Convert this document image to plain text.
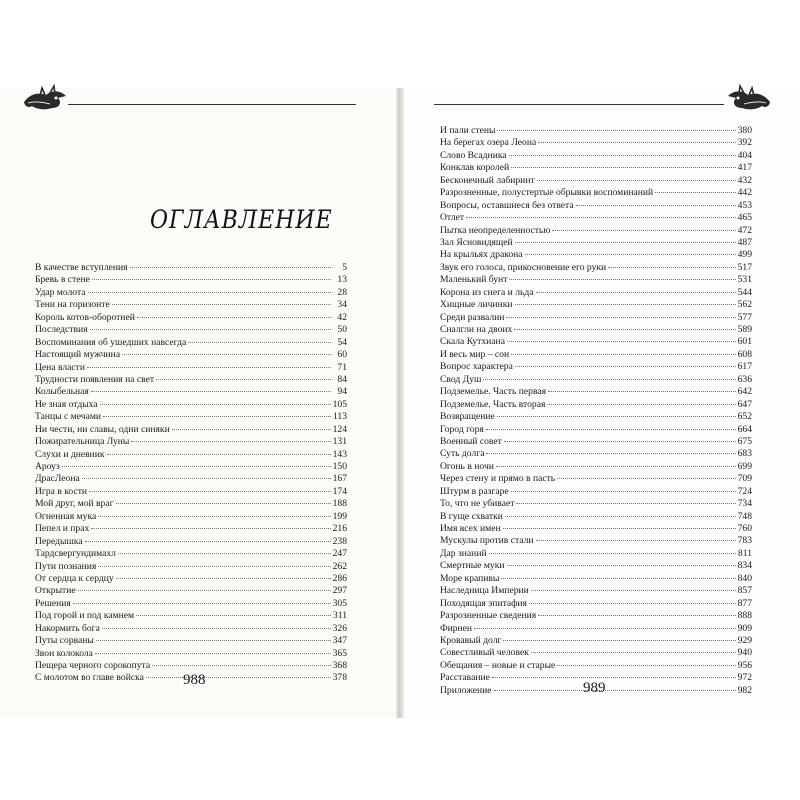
ОГЛАВЛЕНИЕ
В качестве вступления	5
Бревь в стене	13
Удар молота	28
Тени на горизонте	34
Король котов-оборотней	42
Последствия	50
Воспоминания об ушедших навсегда	54
Настоящий мужчина	60
Цена власти	71
Трудности появления на свет	84
Колыбельная	94
Не зная отдыха	105
Танцы с мечами	113
Ни чести, ни славы, одни синяки	124
Пожирательница Луны	131
Слухи и дневник	143
Ароуз	150
ДрасЛеона	167
Игра в кости	174
Мой друг, мой враг	188
Огненная мука	199
Пепел и прах	216
Передышка	238
Тардсвергундимахл	247
Пути познания	262
От сердца к сердцу	286
Открытие	297
Решения	305
Под горой и под камнем	311
Накормить бога	326
Путы сорваны	347
Звон колокола	365
Пещера черного сорокопута	368
С молотом во главе войска	378
И пали стены	380
На берегах озера Леона	392
Слово Всадника	404
Конклав королей	417
Бесконечный лабиринт	432
Разрозненные, полустертые обрывки воспоминаний	442
Вопросы, оставшиеся без ответа	453
Отлет	465
Пытка неопределенностью	472
Зал Ясновидящей	487
На крыльях дракона	499
Звук его голоса, прикосновение его руки	517
Маленький бунт	531
Корона из снега и льда	544
Хищные личинки	562
Среди развалин	577
Сналгли на двоих	589
Скала Кутхиана	601
И весь мир – сон	608
Вопрос характера	617
Свод Душ	636
Подземелье. Часть первая	642
Подземелье. Часть вторая	647
Возвращение	652
Город горя	664
Военный совет	675
Суть долга	683
Огонь в ночи	699
Через стену и прямо в пасть	709
Штурм в разгаре	724
То, что не убивает	734
В гуще схватки	748
Имя всех имен	760
Мускулы против стали	783
Дар знаний	811
Смертные муки	834
Море крапивы	840
Наследница Империи	857
Походящая эпитафия	877
Разрозненные сведения	888
Фирнен	909
Кровавый долг	929
Совестливый человек	940
Обещания – новые и старые	956
Расставание	972
Приложение	982
988	989
